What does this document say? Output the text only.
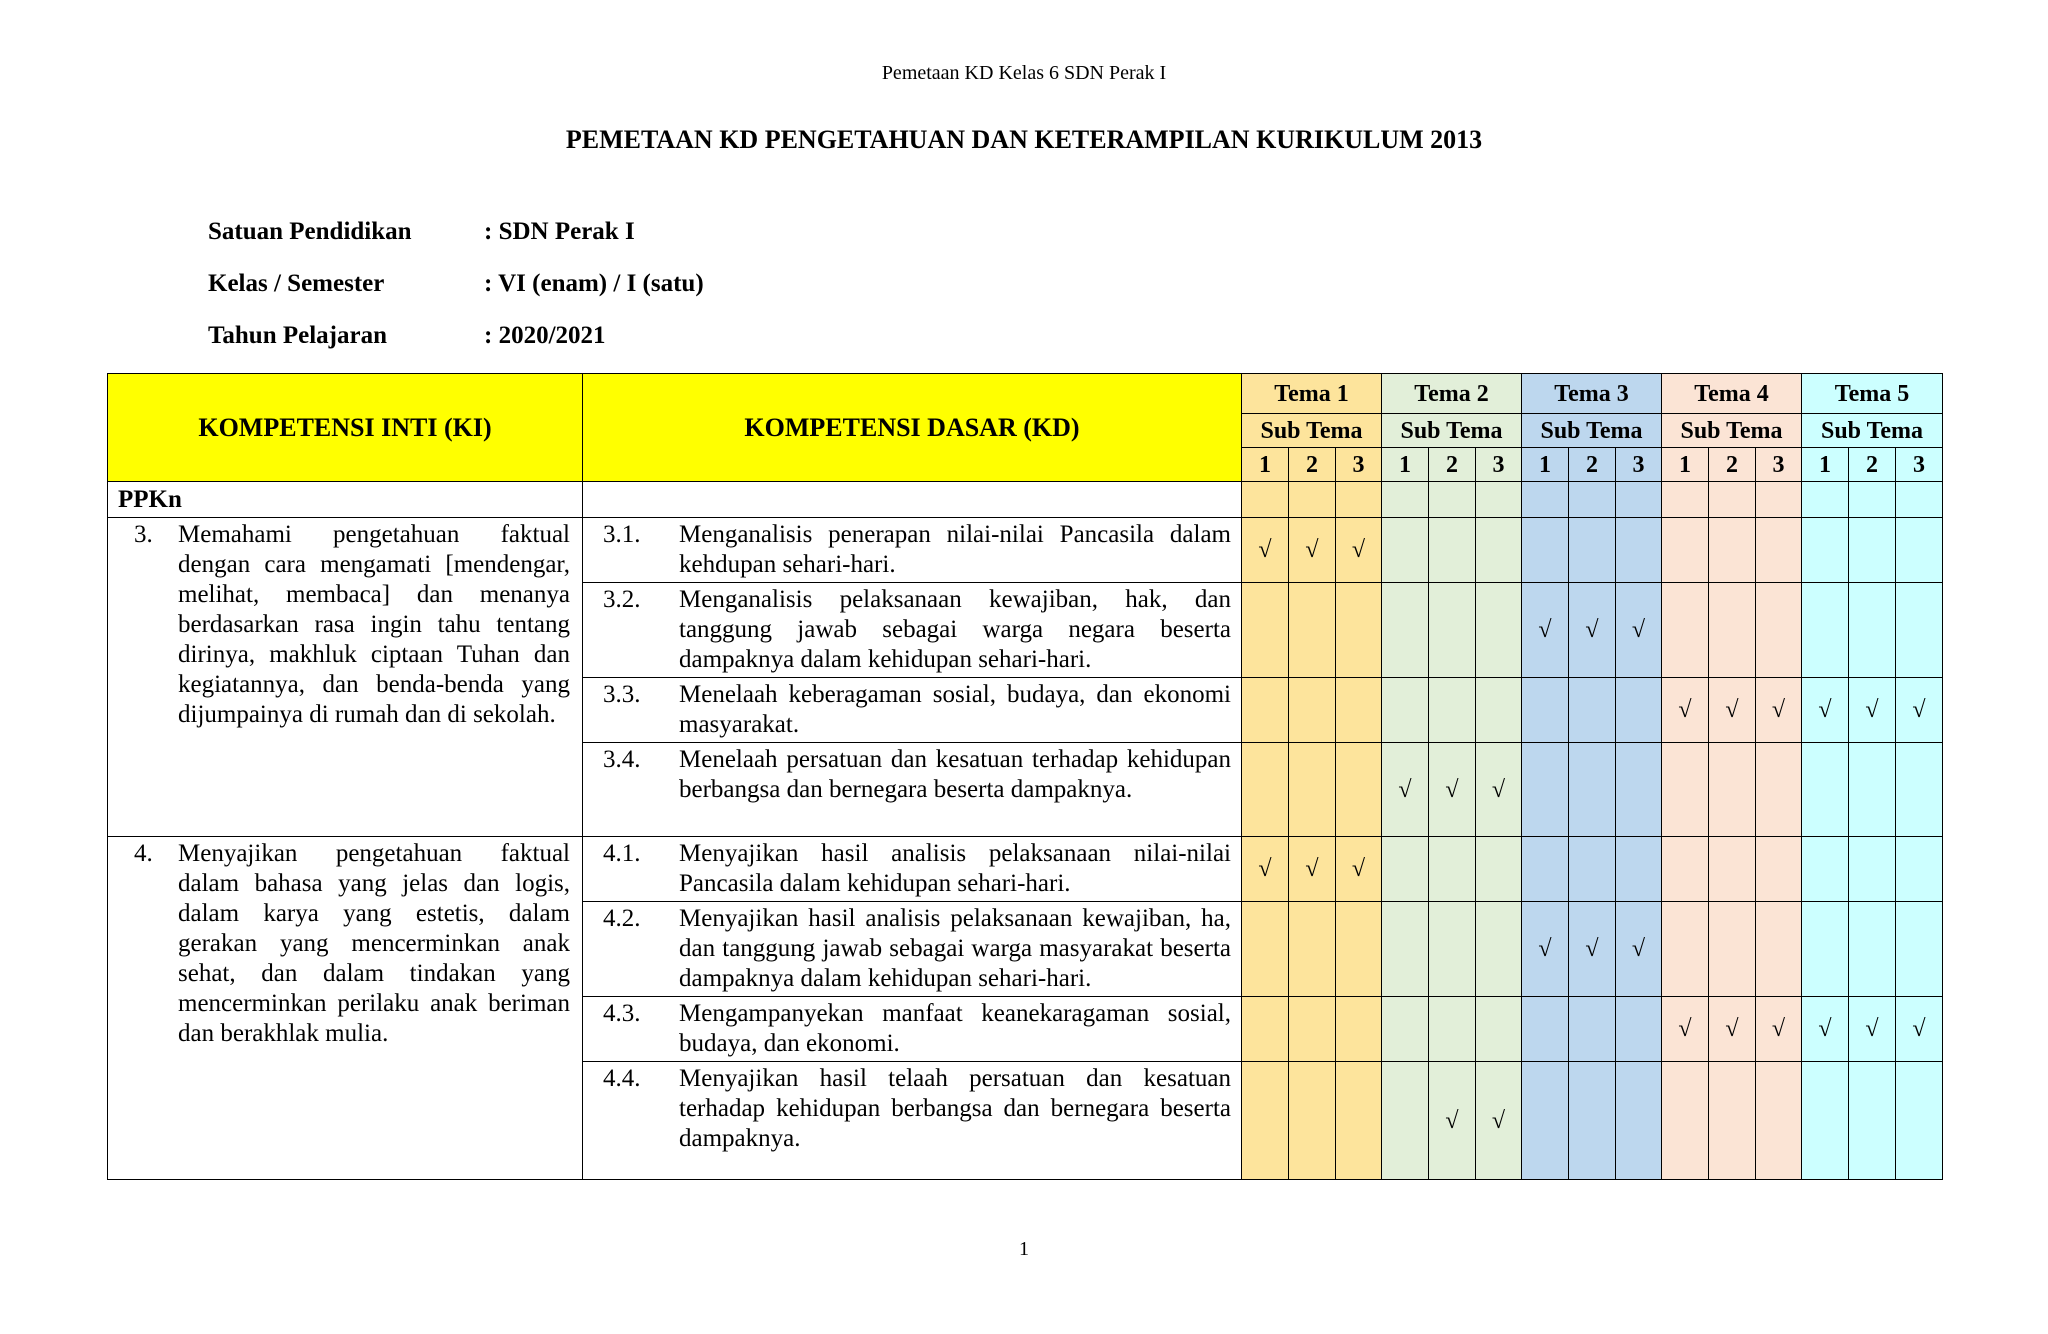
Pemetaan KD Kelas 6 SDN Perak I
PEMETAAN KD PENGETAHUAN DAN KETERAMPILAN KURIKULUM 2013
Satuan Pendidikan	: SDN Perak I
Kelas / Semester	: VI (enam) / I (satu)
Tahun Pelajaran	: 2020/2021
KOMPETENSI INTI (KI)	KOMPETENSI DASAR (KD)	Tema 1			Tema 2			Tema 3			Tema 4			Tema 5		
		Sub Tema			Sub Tema			Sub Tema			Sub Tema			Sub Tema		
		1	2	3	1	2	3	1	2	3	1	2	3	1	2	3
PPKn																

3. Memahami pengetahuan faktual dengan cara mengamati [mendengar, melihat, membaca] dan menanya berdasarkan rasa ingin tahu tentang dirinya, makhluk ciptaan Tuhan dan kegiatannya, dan benda-benda yang dijumpainya di rumah dan di sekolah.	3.1. Menganalisis penerapan nilai-nilai Pancasila dalam kehdupan sehari-hari.	√	√	√												

	3.2. Menganalisis pelaksanaan kewajiban, hak, dan tanggung jawab sebagai warga negara beserta dampaknya dalam kehidupan sehari-hari.							√	√	√						

	3.3. Menelaah keberagaman sosial, budaya, dan ekonomi masyarakat.										√	√	√	√	√	√

	3.4. Menelaah persatuan dan kesatuan terhadap kehidupan berbangsa dan bernegara beserta dampaknya.				√	√	√									

4. Menyajikan pengetahuan faktual dalam bahasa yang jelas dan logis, dalam karya yang estetis, dalam gerakan yang mencerminkan anak sehat, dan dalam tindakan yang mencerminkan perilaku anak beriman dan berakhlak mulia.	4.1. Menyajikan hasil analisis pelaksanaan nilai-nilai Pancasila dalam kehidupan sehari-hari.	√	√	√												

	4.2. Menyajikan hasil analisis pelaksanaan kewajiban, ha, dan tanggung jawab sebagai warga masyarakat beserta dampaknya dalam kehidupan sehari-hari.							√	√	√						

	4.3. Mengampanyekan manfaat keanekaragaman sosial, budaya, dan ekonomi.										√	√	√	√	√	√

	4.4. Menyajikan hasil telaah persatuan dan kesatuan terhadap kehidupan berbangsa dan bernegara beserta dampaknya.					√	√									
1
